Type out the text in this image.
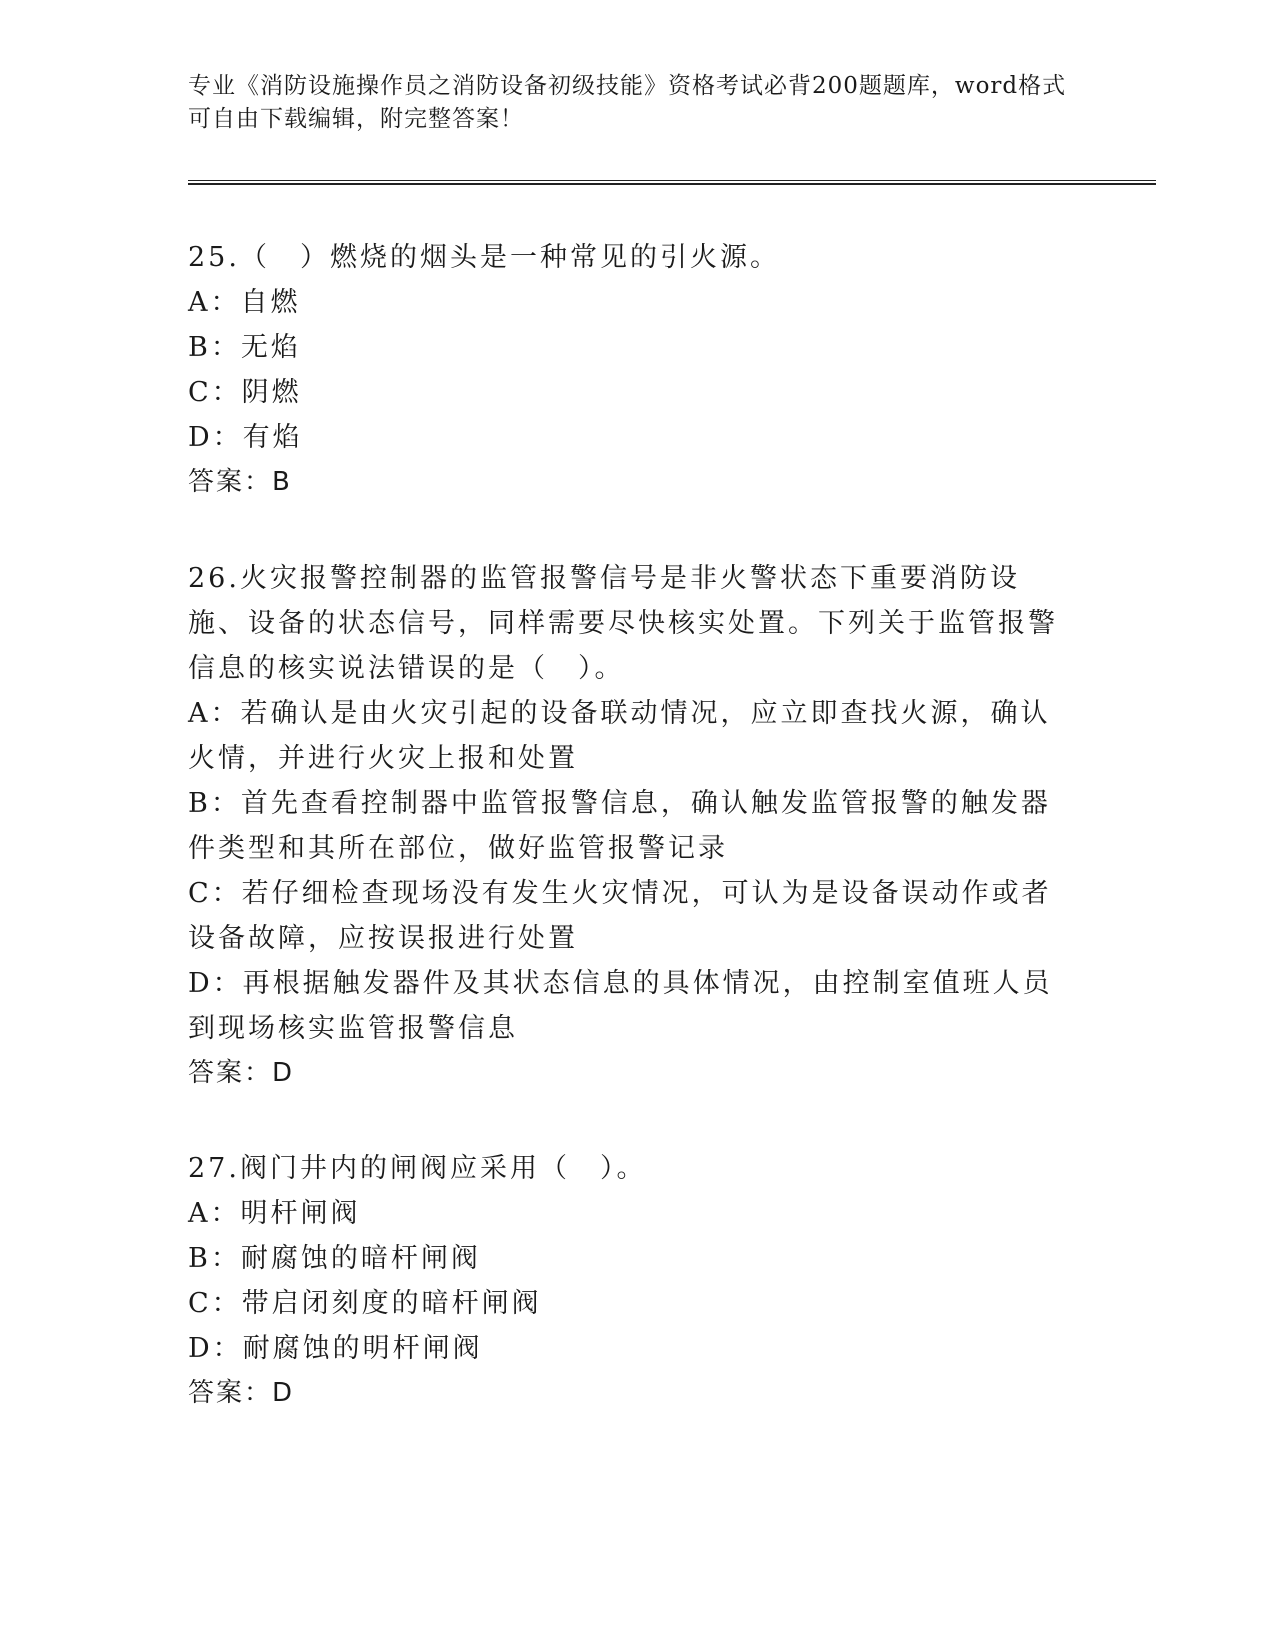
专业《消防设施操作员之消防设备初级技能》资格考试必背200题题库，word格式可自由下载编辑，附完整答案！

25.（　）燃烧的烟头是一种常见的引火源。

A：自燃

B：无焰

C：阴燃

D：有焰

答案：B

26.火灾报警控制器的监管报警信号是非火警状态下重要消防设施、设备的状态信号，同样需要尽快核实处置。下列关于监管报警信息的核实说法错误的是（　）。

A：若确认是由火灾引起的设备联动情况，应立即查找火源，确认火情，并进行火灾上报和处置

B：首先查看控制器中监管报警信息，确认触发监管报警的触发器件类型和其所在部位，做好监管报警记录

C：若仔细检查现场没有发生火灾情况，可认为是设备误动作或者设备故障，应按误报进行处置

D：再根据触发器件及其状态信息的具体情况，由控制室值班人员到现场核实监管报警信息

答案：D

27.阀门井内的闸阀应采用（　）。

A：明杆闸阀

B：耐腐蚀的暗杆闸阀

C：带启闭刻度的暗杆闸阀

D：耐腐蚀的明杆闸阀

答案：D
